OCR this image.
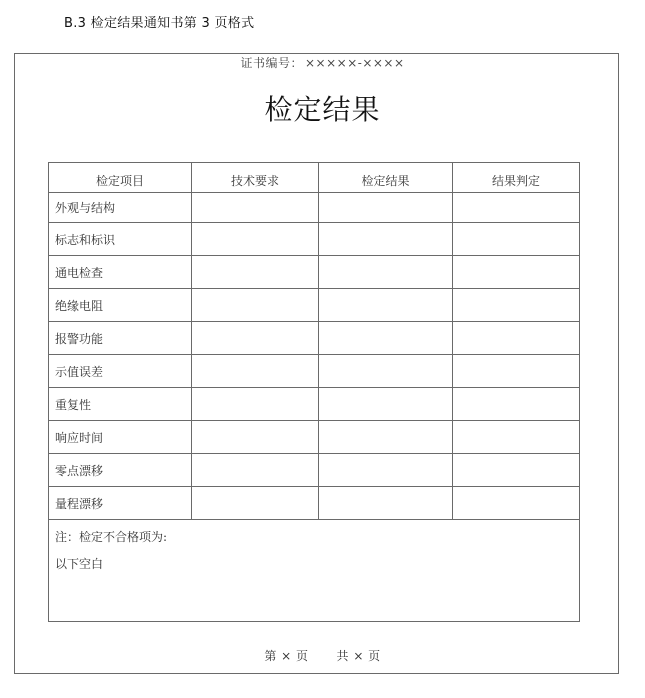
B.3 检定结果通知书第 3 页格式
证书编号： ×××××-××××
检定结果
检定项目	技术要求	检定结果	结果判定
外观与结构			
标志和标识			
通电检查			
绝缘电阻			
报警功能			
示值误差			
重复性			
响应时间			
零点漂移			
量程漂移			

注：检定不合格项为:
以下空白			
第 × 页 共 × 页
